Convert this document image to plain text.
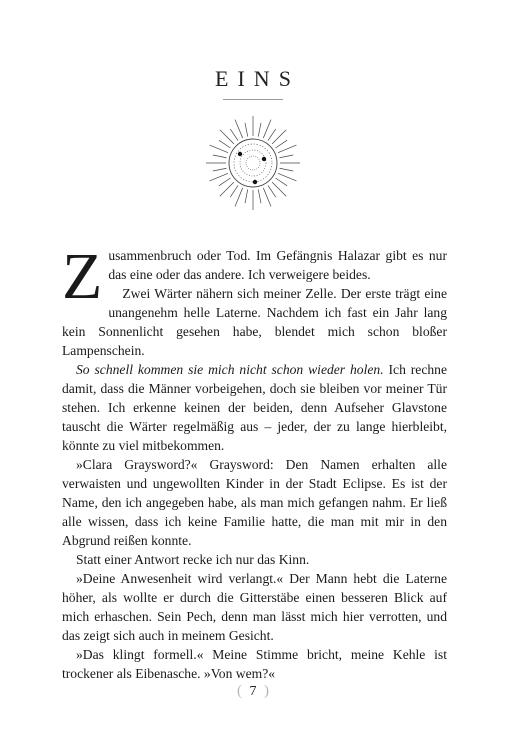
EINS

Zusammenbruch oder Tod. Im Gefängnis Halazar gibt es nur das eine oder das andere. Ich verweigere beides.

Zwei Wärter nähern sich meiner Zelle. Der erste trägt eine unangenehm helle Laterne. Nachdem ich fast ein Jahr lang kein Sonnenlicht gesehen habe, blendet mich schon bloßer Lampenschein.

So schnell kommen sie mich nicht schon wieder holen. Ich rechne damit, dass die Männer vorbeigehen, doch sie bleiben vor meiner Tür stehen. Ich erkenne keinen der beiden, denn Aufseher Glavstone tauscht die Wärter regelmäßig aus – jeder, der zu lange hierbleibt, könnte zu viel mitbekommen.

»Clara Graysword?« Graysword: Den Namen erhalten alle verwaisten und ungewollten Kinder in der Stadt Eclipse. Es ist der Name, den ich angegeben habe, als man mich gefangen nahm. Er ließ alle wissen, dass ich keine Familie hatte, die man mit mir in den Abgrund reißen konnte.

Statt einer Antwort recke ich nur das Kinn.

»Deine Anwesenheit wird verlangt.« Der Mann hebt die Laterne höher, als wollte er durch die Gitterstäbe einen besseren Blick auf mich erhaschen. Sein Pech, denn man lässt mich hier verrotten, und das zeigt sich auch in meinem Gesicht.

»Das klingt formell.« Meine Stimme bricht, meine Kehle ist trockener als Eibenasche. »Von wem?«

( 7 )
